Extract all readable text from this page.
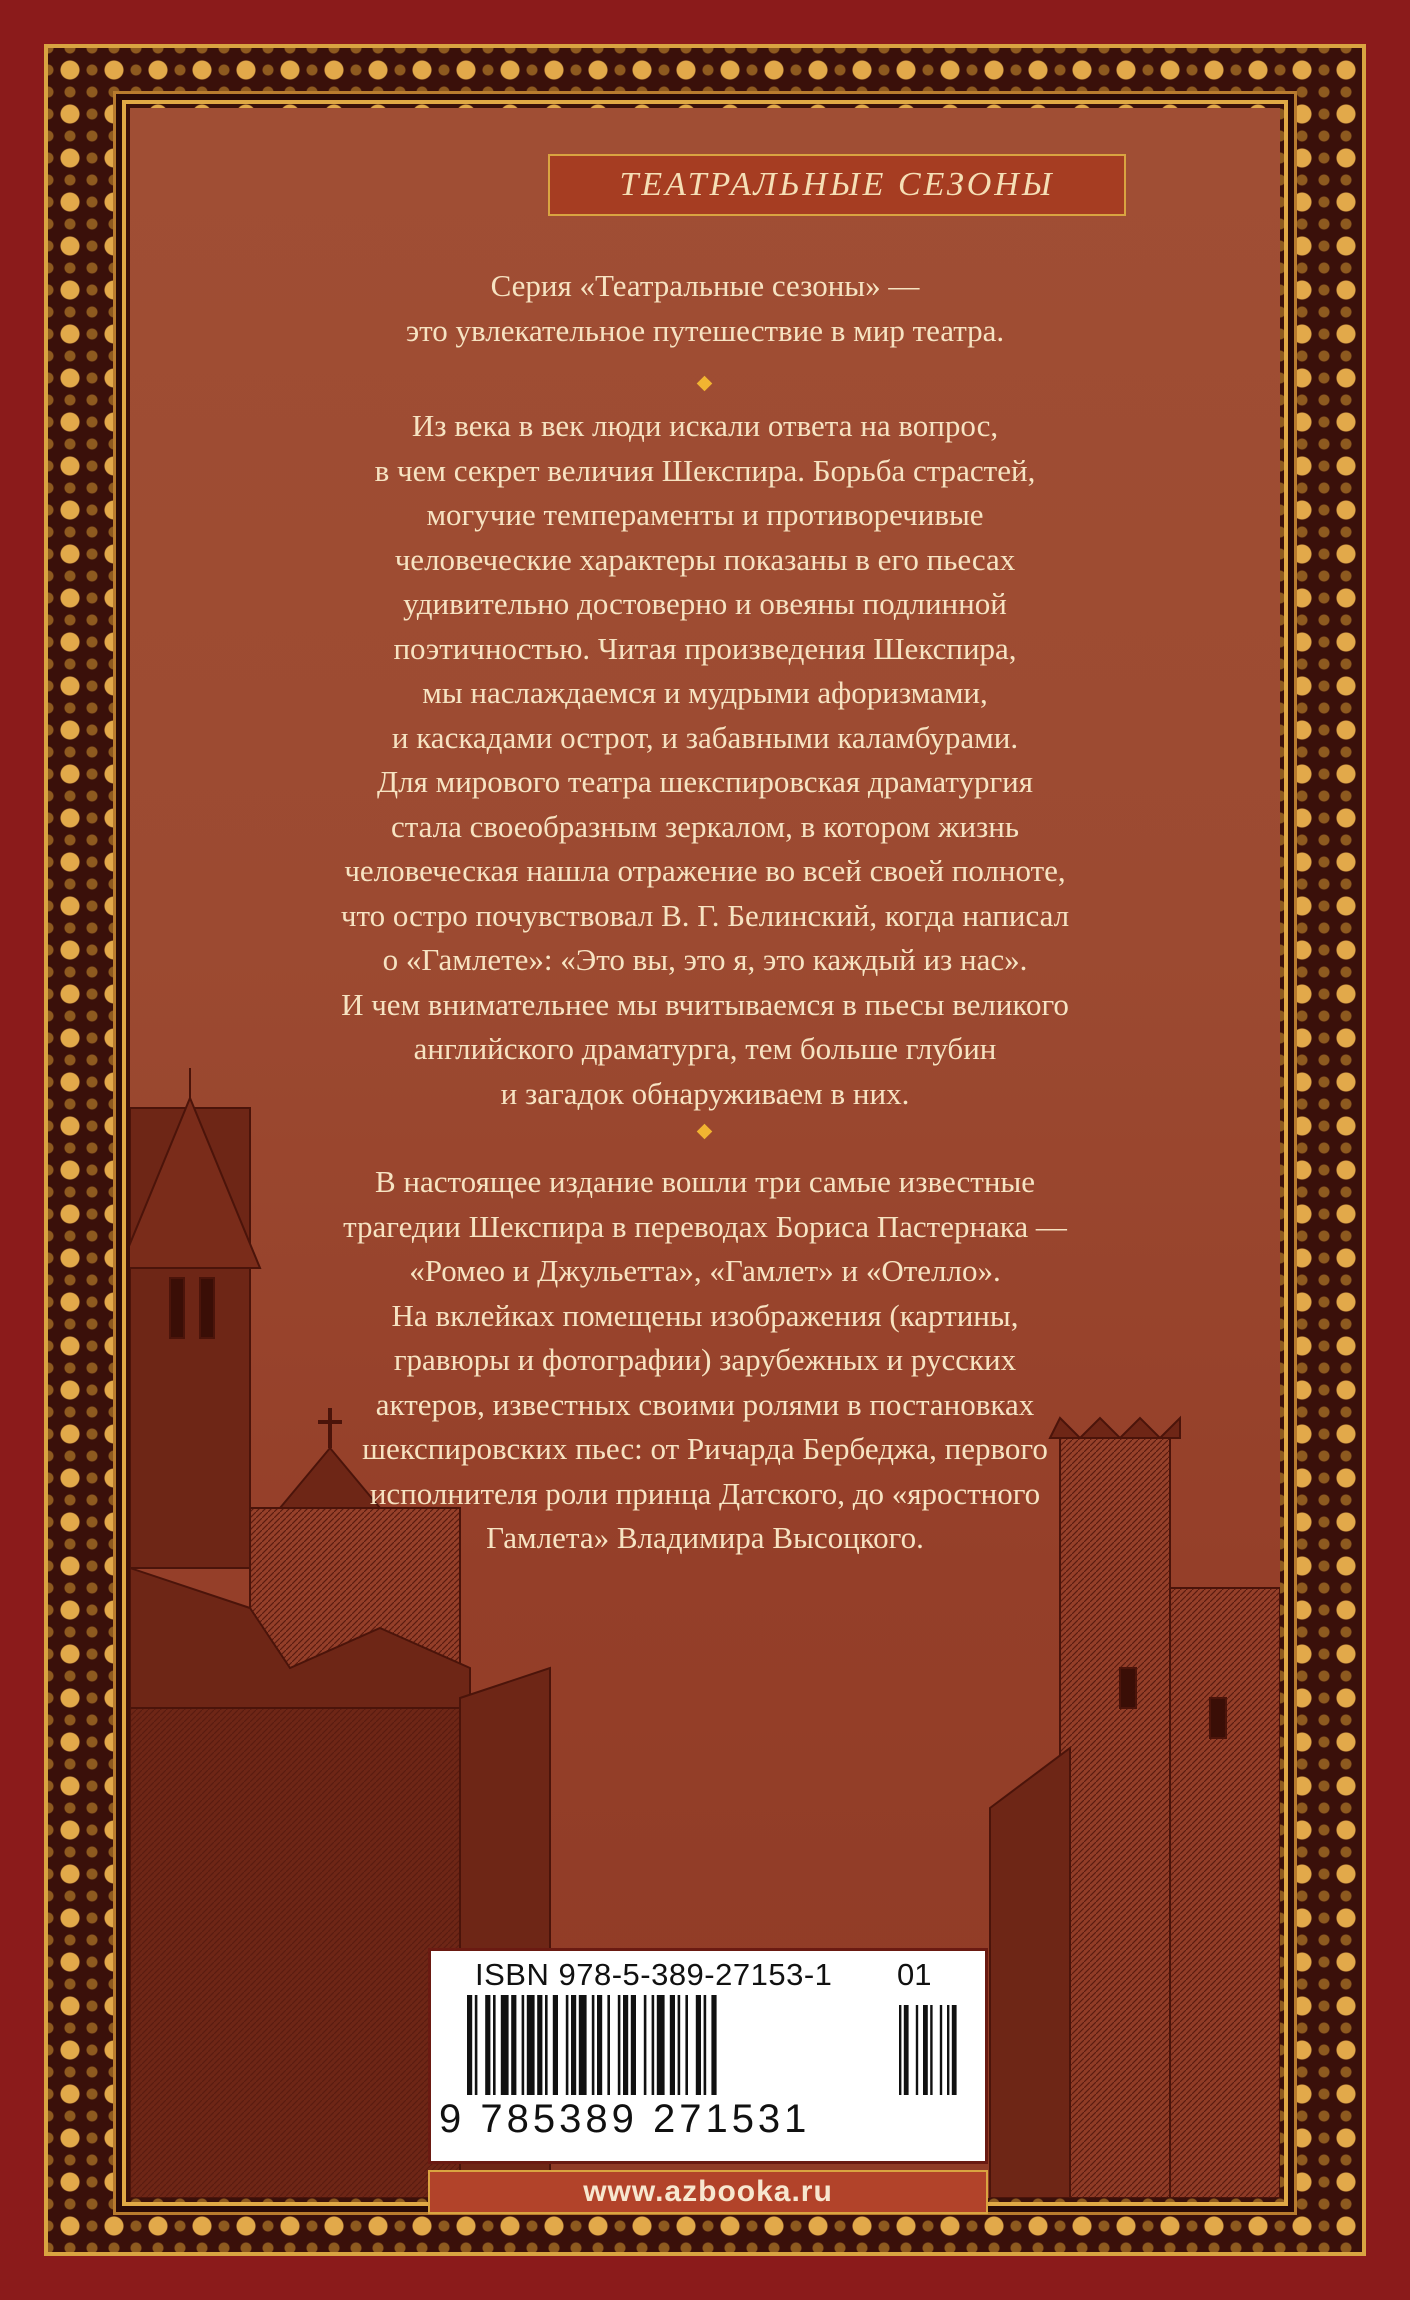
ТЕАТРАЛЬНЫЕ СЕЗОНЫ

Серия «Театральные сезоны» —

это увлекательное путешествие в мир театра.

Из века в век люди искали ответа на вопрос,

в чем секрет величия Шекспира. Борьба страстей,

могучие темпераменты и противоречивые

человеческие характеры показаны в его пьесах

удивительно достоверно и овеяны подлинной

поэтичностью. Читая произведения Шекспира,

мы наслаждаемся и мудрыми афоризмами,

и каскадами острот, и забавными каламбурами.

Для мирового театра шекспировская драматургия

стала своеобразным зеркалом, в котором жизнь

человеческая нашла отражение во всей своей полноте,

что остро почувствовал В. Г. Белинский, когда написал

о «Гамлете»: «Это вы, это я, это каждый из нас».

И чем внимательнее мы вчитываемся в пьесы великого

английского драматурга, тем больше глубин

и загадок обнаруживаем в них.

В настоящее издание вошли три самые известные

трагедии Шекспира в переводах Бориса Пастернака —

«Ромео и Джульетта», «Гамлет» и «Отелло».

На вклейках помещены изображения (картины,

гравюры и фотографии) зарубежных и русских

актеров, известных своими ролями в постановках

шекспировских пьес: от Ричарда Бербеджа, первого

исполнителя роли принца Датского, до «яростного

Гамлета» Владимира Высоцкого.

ISBN 978-5-389-27153-1 01
9 785389 271531
www.azbooka.ru
